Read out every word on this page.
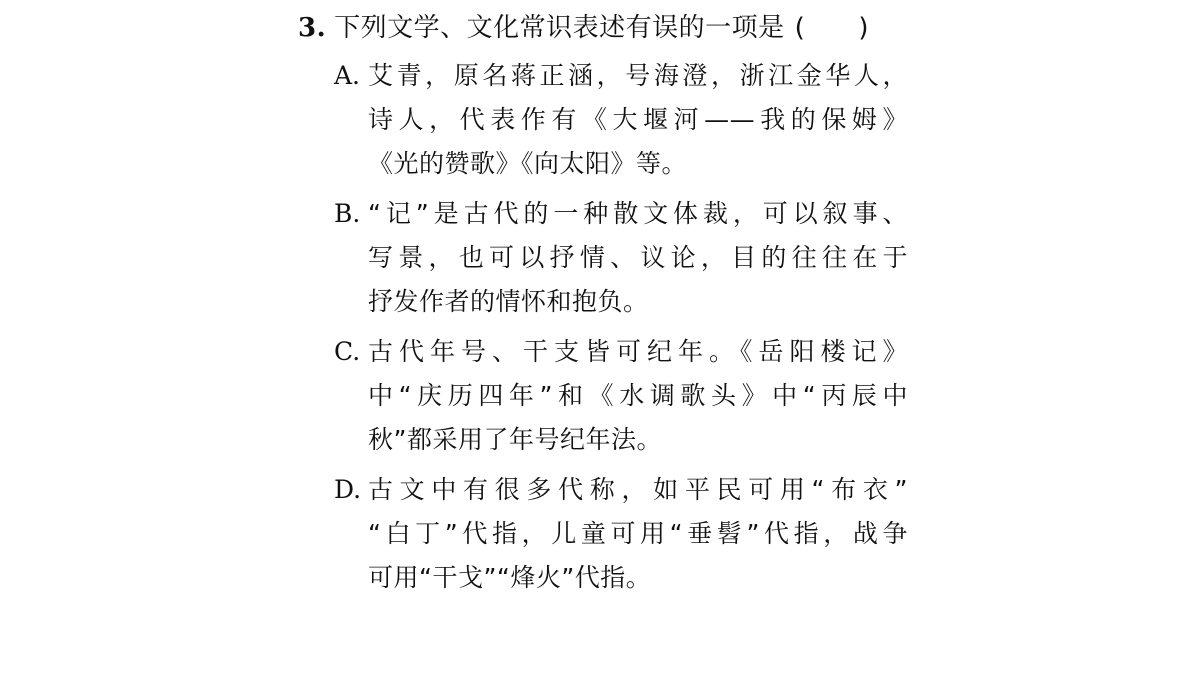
3. 下列文学、文化常识表述有误的一项是 (　　)
A. 艾青，原名蒋正涵，号海澄，浙江金华人，
诗人，代表作有《大堰河——我的保姆》
《光的赞歌》《向太阳》等。
B. “记”是古代的一种散文体裁，可以叙事、
写景，也可以抒情、议论，目的往往在于
抒发作者的情怀和抱负。
C. 古代年号、干支皆可纪年。《岳阳楼记》
中“庆历四年”和《水调歌头》中“丙辰中
秋”都采用了年号纪年法。
D. 古文中有很多代称，如平民可用“布衣”
“白丁”代指，儿童可用“垂髫”代指，战争
可用“干戈”“烽火”代指。
